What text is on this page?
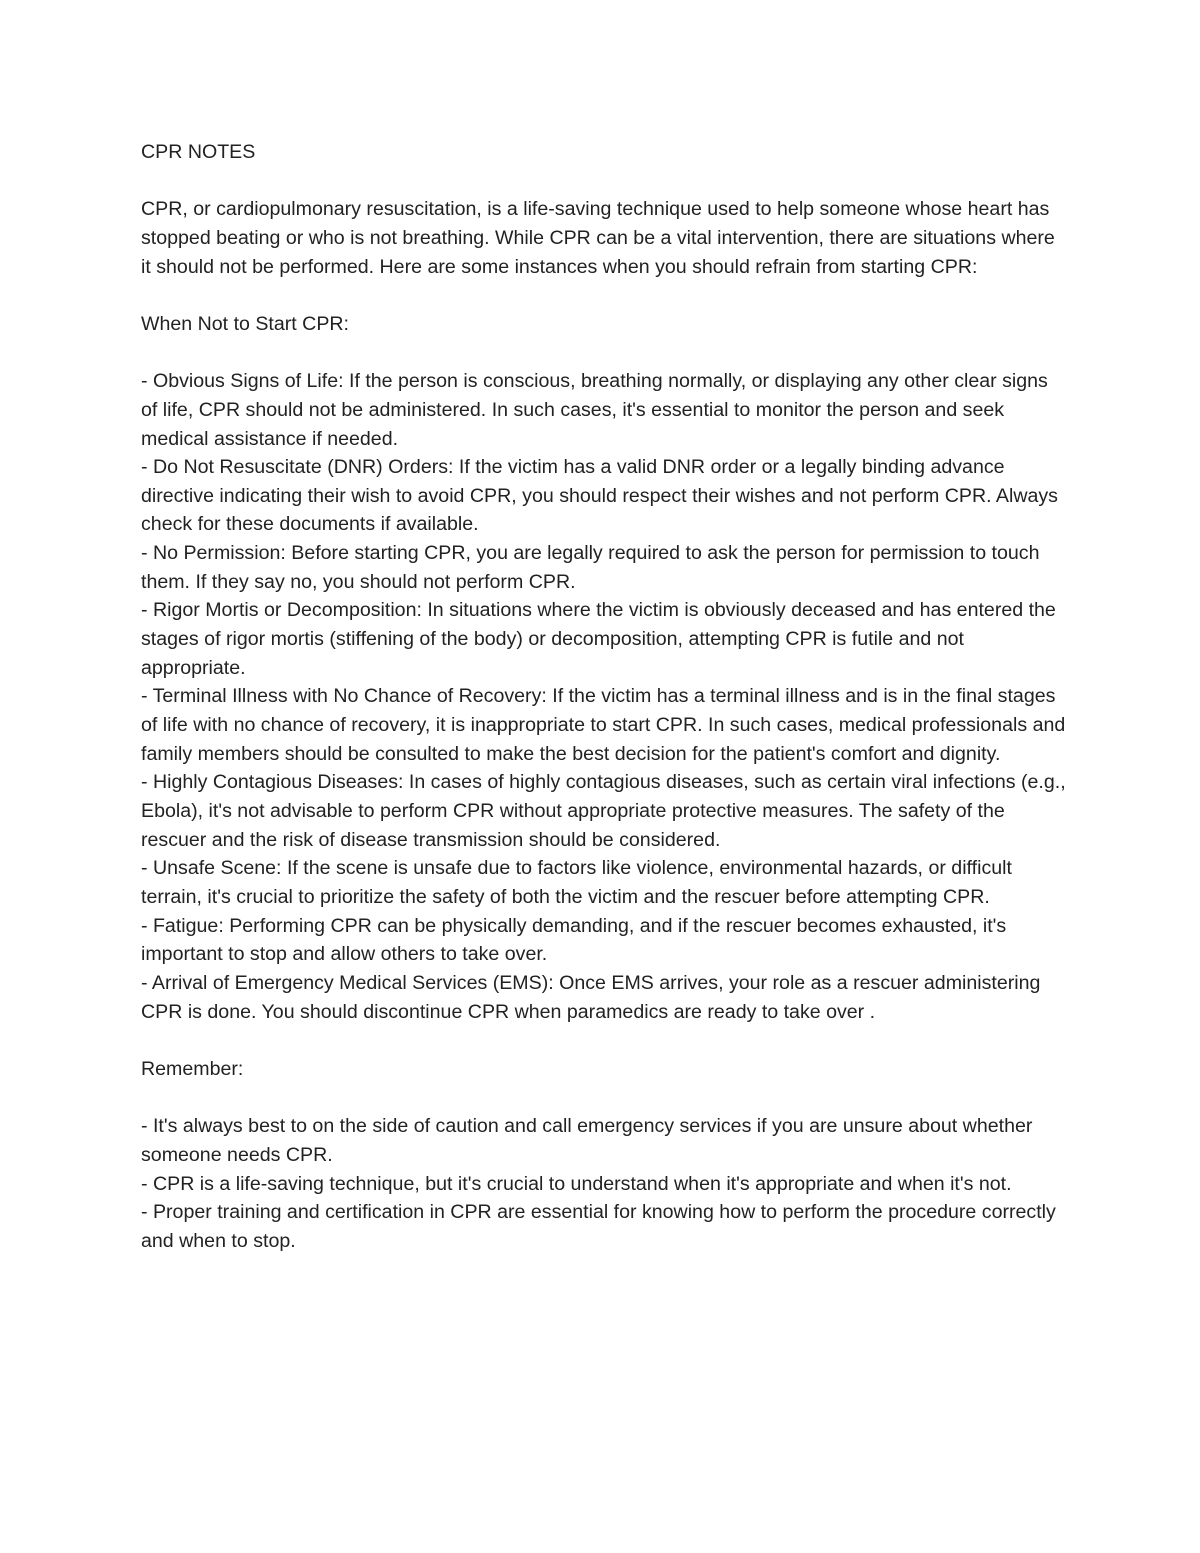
CPR NOTES

CPR, or cardiopulmonary resuscitation, is a life-saving technique used to help someone whose heart has stopped beating or who is not breathing. While CPR can be a vital intervention, there are situations where it should not be performed. Here are some instances when you should refrain from starting CPR:

When Not to Start CPR:

- Obvious Signs of Life: If the person is conscious, breathing normally, or displaying any other clear signs of life, CPR should not be administered. In such cases, it's essential to monitor the person and seek medical assistance if needed.

- Do Not Resuscitate (DNR) Orders: If the victim has a valid DNR order or a legally binding advance directive indicating their wish to avoid CPR, you should respect their wishes and not perform CPR. Always check for these documents if available.

- No Permission: Before starting CPR, you are legally required to ask the person for permission to touch them. If they say no, you should not perform CPR.

- Rigor Mortis or Decomposition: In situations where the victim is obviously deceased and has entered the stages of rigor mortis (stiffening of the body) or decomposition, attempting CPR is futile and not appropriate.

- Terminal Illness with No Chance of Recovery: If the victim has a terminal illness and is in the final stages of life with no chance of recovery, it is inappropriate to start CPR. In such cases, medical professionals and family members should be consulted to make the best decision for the patient's comfort and dignity.

- Highly Contagious Diseases: In cases of highly contagious diseases, such as certain viral infections (e.g., Ebola), it's not advisable to perform CPR without appropriate protective measures. The safety of the rescuer and the risk of disease transmission should be considered.

- Unsafe Scene: If the scene is unsafe due to factors like violence, environmental hazards, or difficult terrain, it's crucial to prioritize the safety of both the victim and the rescuer before attempting CPR.

- Fatigue: Performing CPR can be physically demanding, and if the rescuer becomes exhausted, it's important to stop and allow others to take over.

- Arrival of Emergency Medical Services (EMS): Once EMS arrives, your role as a rescuer administering CPR is done. You should discontinue CPR when paramedics are ready to take over .

Remember:

- It's always best to on the side of caution and call emergency services if you are unsure about whether someone needs CPR.

- CPR is a life-saving technique, but it's crucial to understand when it's appropriate and when it's not.

- Proper training and certification in CPR are essential for knowing how to perform the procedure correctly and when to stop.
